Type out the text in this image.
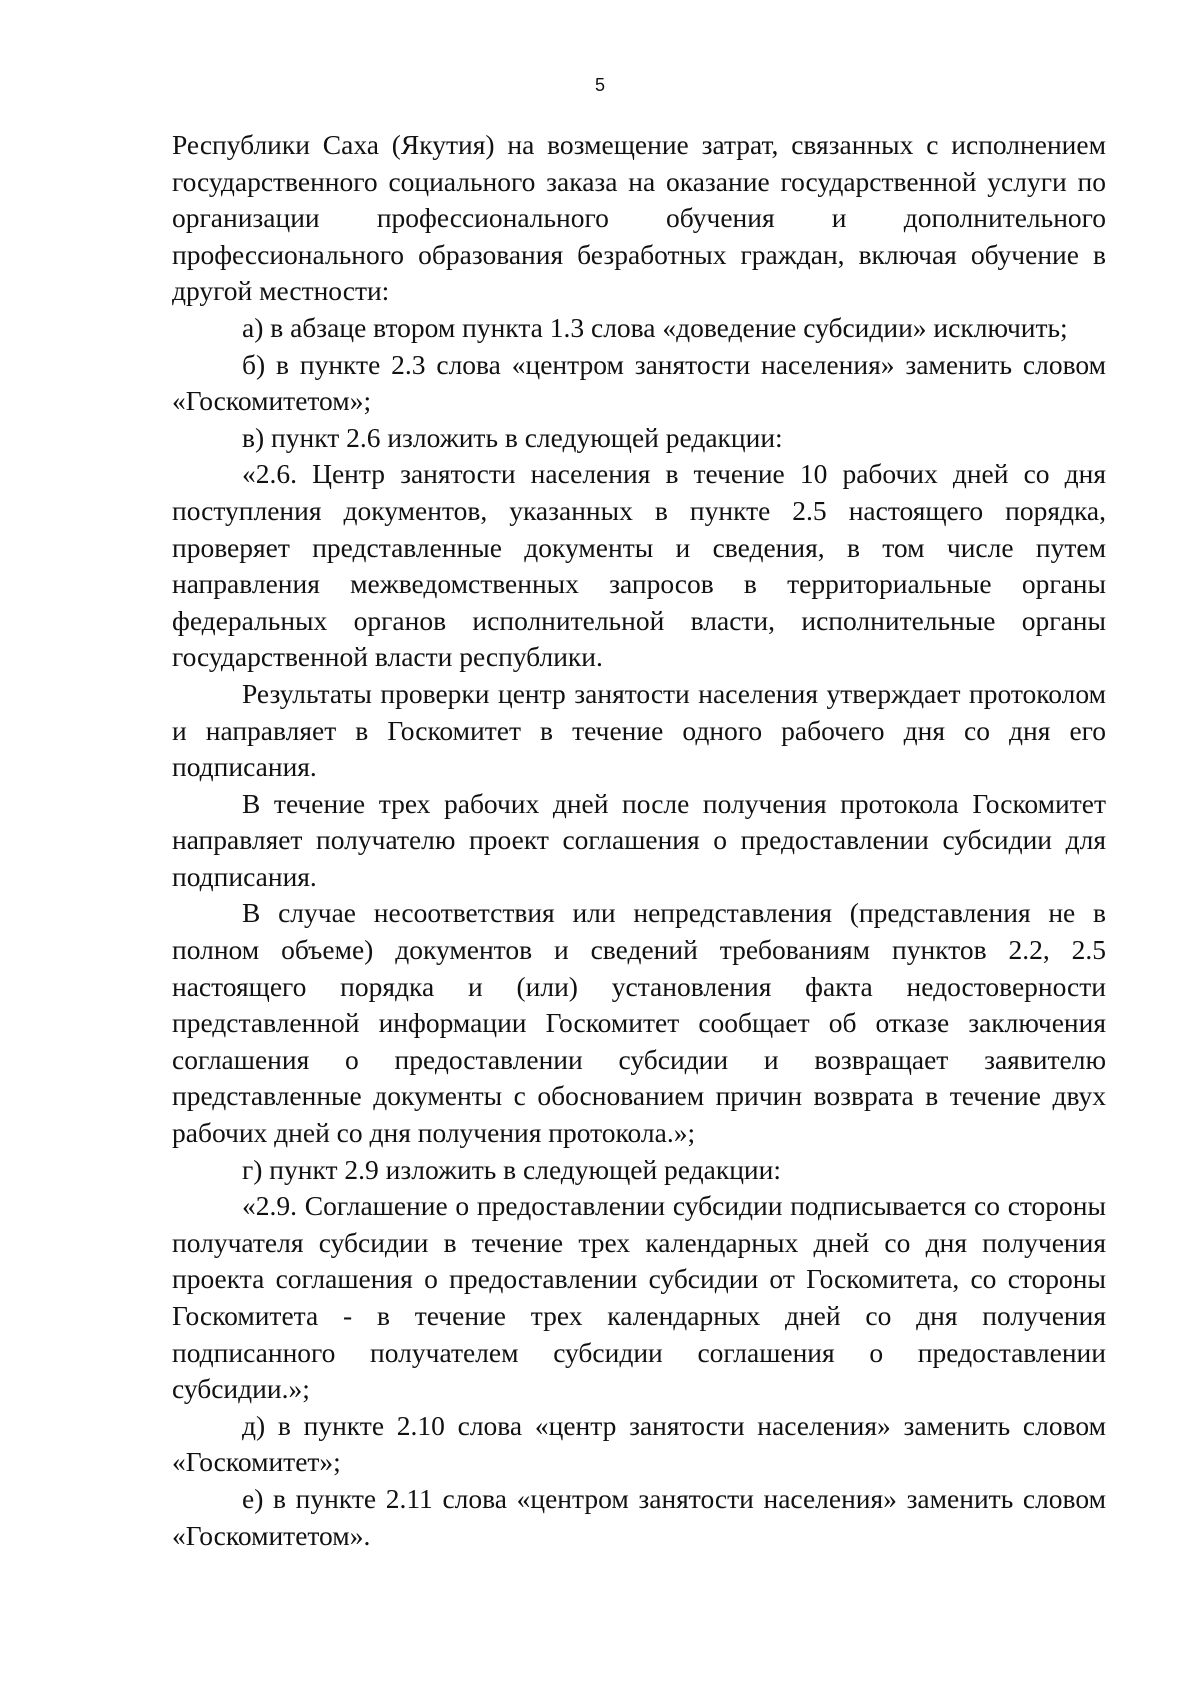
5

Республики Саха (Якутия) на возмещение затрат, связанных с исполнением государственного социального заказа на оказание государственной услуги по организации профессионального обучения и дополнительного профессионального образования безработных граждан, включая обучение в другой местности:

а) в абзаце втором пункта 1.3 слова «доведение субсидии» исключить;

б) в пункте 2.3 слова «центром занятости населения» заменить словом «Госкомитетом»;

в) пункт 2.6 изложить в следующей редакции:

«2.6. Центр занятости населения в течение 10 рабочих дней со дня поступления документов, указанных в пункте 2.5 настоящего порядка, проверяет представленные документы и сведения, в том числе путем направления межведомственных запросов в территориальные органы федеральных органов исполнительной власти, исполнительные органы государственной власти республики.

Результаты проверки центр занятости населения утверждает протоколом и направляет в Госкомитет в течение одного рабочего дня со дня его подписания.

В течение трех рабочих дней после получения протокола Госкомитет направляет получателю проект соглашения о предоставлении субсидии для подписания.

В случае несоответствия или непредставления (представления не в полном объеме) документов и сведений требованиям пунктов 2.2, 2.5 настоящего порядка и (или) установления факта недостоверности представленной информации Госкомитет сообщает об отказе заключения соглашения о предоставлении субсидии и возвращает заявителю представленные документы с обоснованием причин возврата в течение двух рабочих дней со дня получения протокола.»;

г) пункт 2.9 изложить в следующей редакции:

«2.9. Соглашение о предоставлении субсидии подписывается со стороны получателя субсидии в течение трех календарных дней со дня получения проекта соглашения о предоставлении субсидии от Госкомитета, со стороны Госкомитета - в течение трех календарных дней со дня получения подписанного получателем субсидии соглашения о предоставлении субсидии.»;

д) в пункте 2.10 слова «центр занятости населения» заменить словом «Госкомитет»;

е) в пункте 2.11 слова «центром занятости населения» заменить словом «Госкомитетом».
